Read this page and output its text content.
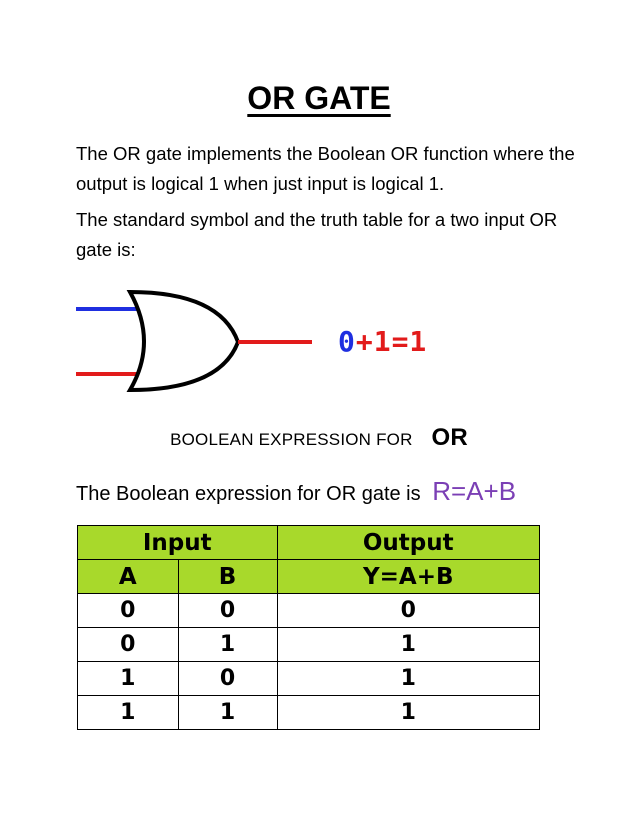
OR GATE
The OR gate implements the Boolean OR function where the output is logical 1 when just input is logical 1.
The standard symbol and the truth table for a two input OR gate is:
0+1=1
BOOLEAN EXPRESSION FOR OR
The Boolean expression for OR gate is R=A+B
Input		Output
A	B	Y=A+B
0	0	0
0	1	1
1	0	1
1	1	1
